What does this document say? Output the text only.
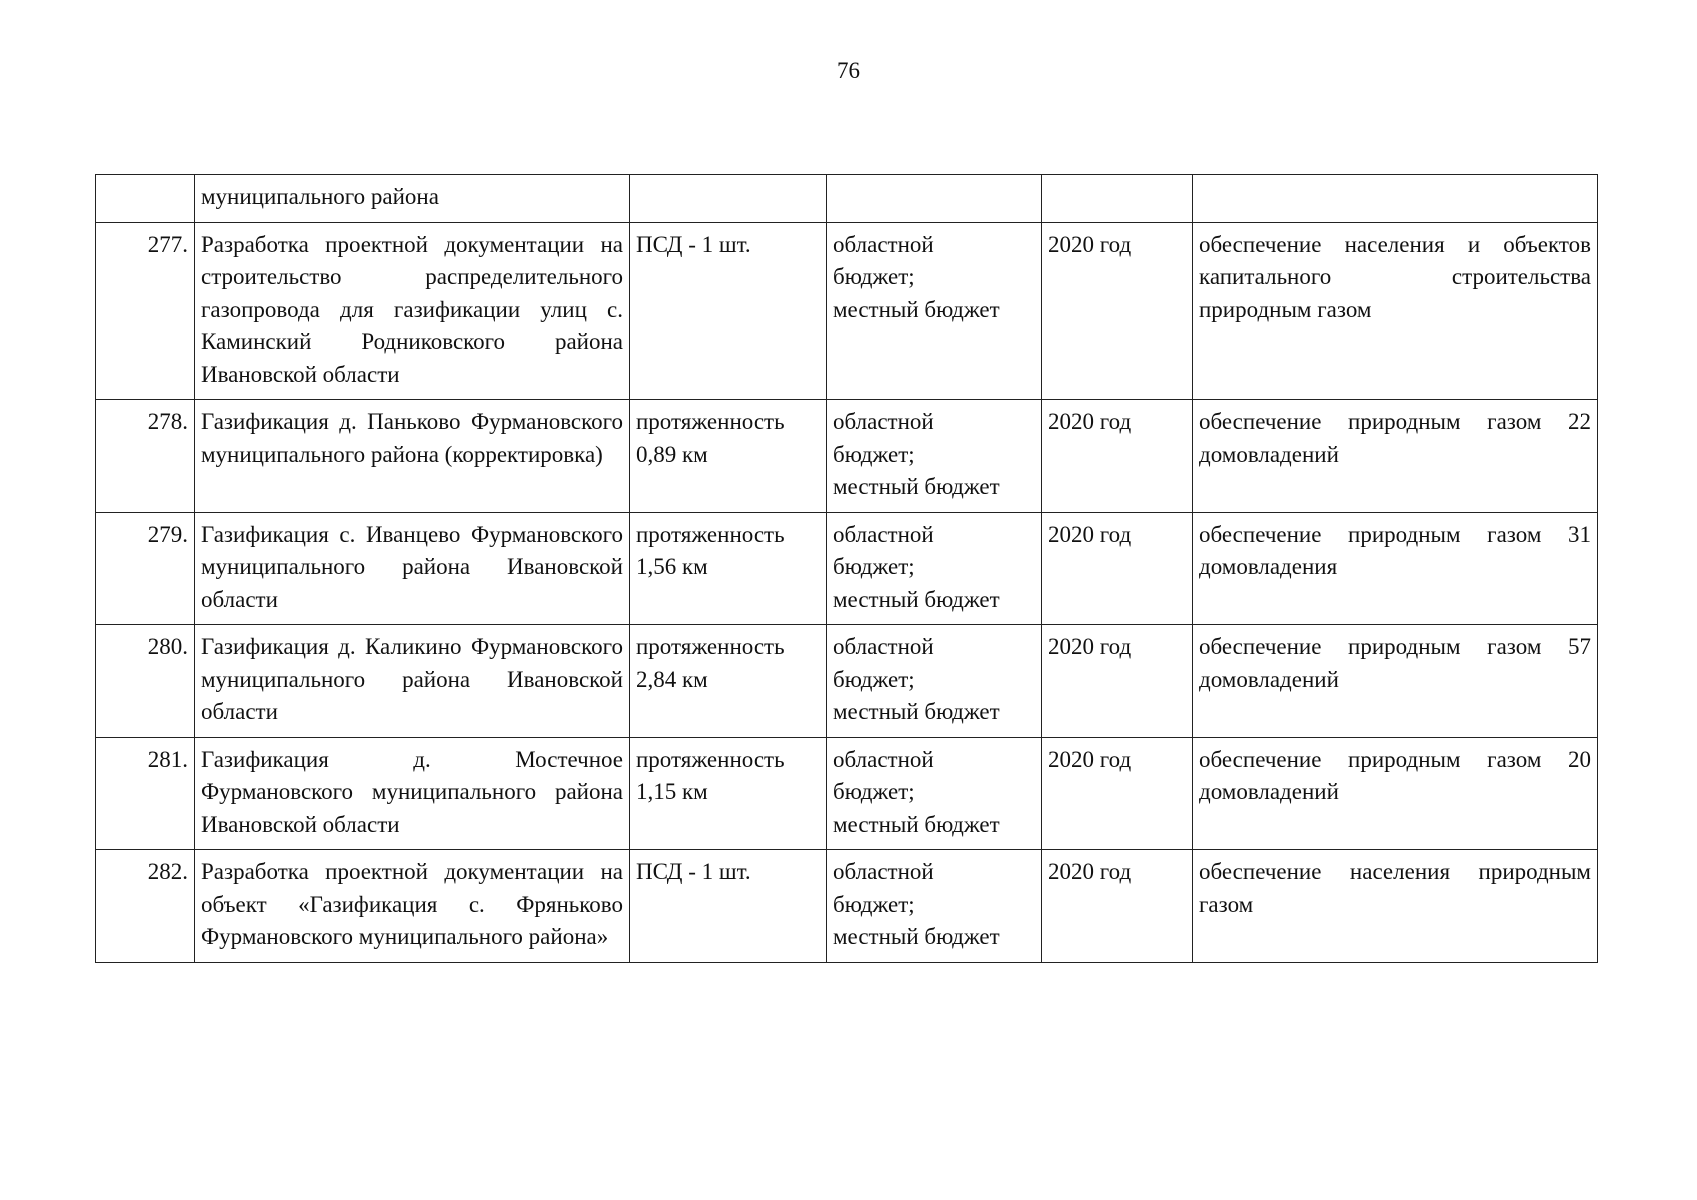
76
	муниципального района				
277.	Разработка проектной документации на строительство распределительного газопровода для газификации улиц с. Каминский Родниковского района Ивановской области	ПСД - 1 шт.	областной
бюджет;
местный бюджет	2020 год	обеспечение населения и объектов капитального строительства природным газом
278.	Газификация д. Паньково Фурмановского муниципального района (корректировка)	протяженность 0,89 км	областной
бюджет;
местный бюджет	2020 год	обеспечение природным газом 22 домовладений
279.	Газификация с. Иванцево Фурмановского муниципального района Ивановской области	протяженность 1,56 км	областной
бюджет;
местный бюджет	2020 год	обеспечение природным газом 31 домовладения
280.	Газификация д. Каликино Фурмановского муниципального района Ивановской области	протяженность 2,84 км	областной
бюджет;
местный бюджет	2020 год	обеспечение природным газом 57 домовладений
281.	Газификация д. Мостечное Фурмановского муниципального района Ивановской области	протяженность 1,15 км	областной
бюджет;
местный бюджет	2020 год	обеспечение природным газом 20 домовладений
282.	Разработка проектной документации на объект «Газификация с. Фряньково Фурмановского муниципального района»	ПСД - 1 шт.	областной
бюджет;
местный бюджет	2020 год	обеспечение населения природным газом
